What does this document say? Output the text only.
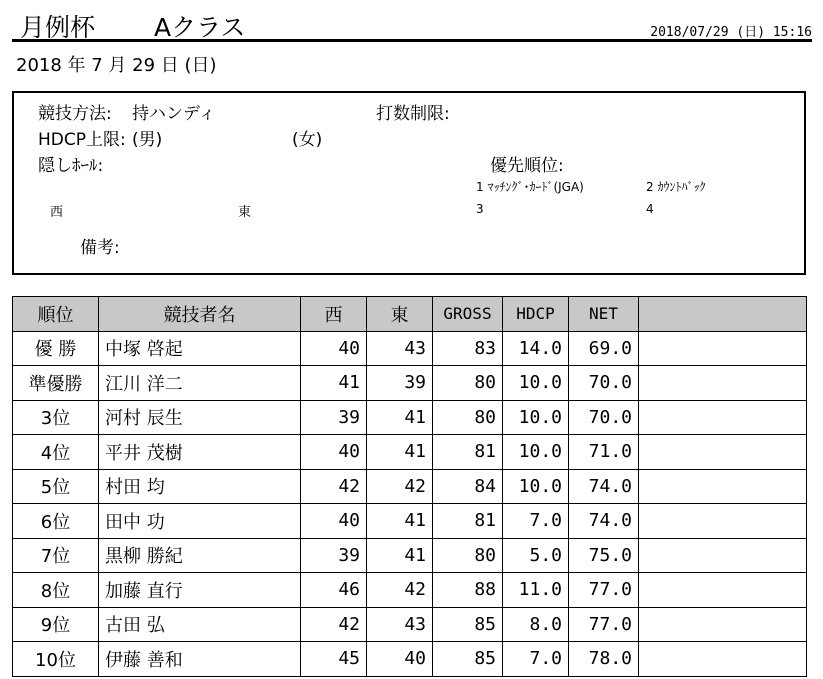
月例杯 Aクラス	2018/07/29 (日) 15:16
2018 年 7 月 29 日 (日)
競技方法: 持ハンディ	打数制限:
HDCP上限: (男)	(女)
隠しﾎｰﾙ:	優先順位:
1 ﾏｯﾁﾝｸﾞ･ｶｰﾄﾞ(JGA)	2 ｶｳﾝﾄﾊﾞｯｸ
西	東	3	4
備考:
順位	競技者名	西	東	GROSS	HDCP	NET	
優 勝	中塚 啓起	40	43	83	14.0	69.0	
準優勝	江川 洋二	41	39	80	10.0	70.0	
3位	河村 辰生	39	41	80	10.0	70.0	
4位	平井 茂樹	40	41	81	10.0	71.0	
5位	村田 均	42	42	84	10.0	74.0	
6位	田中 功	40	41	81	7.0	74.0	
7位	黒柳 勝紀	39	41	80	5.0	75.0	
8位	加藤 直行	46	42	88	11.0	77.0	
9位	古田 弘	42	43	85	8.0	77.0	
10位	伊藤 善和	45	40	85	7.0	78.0	
